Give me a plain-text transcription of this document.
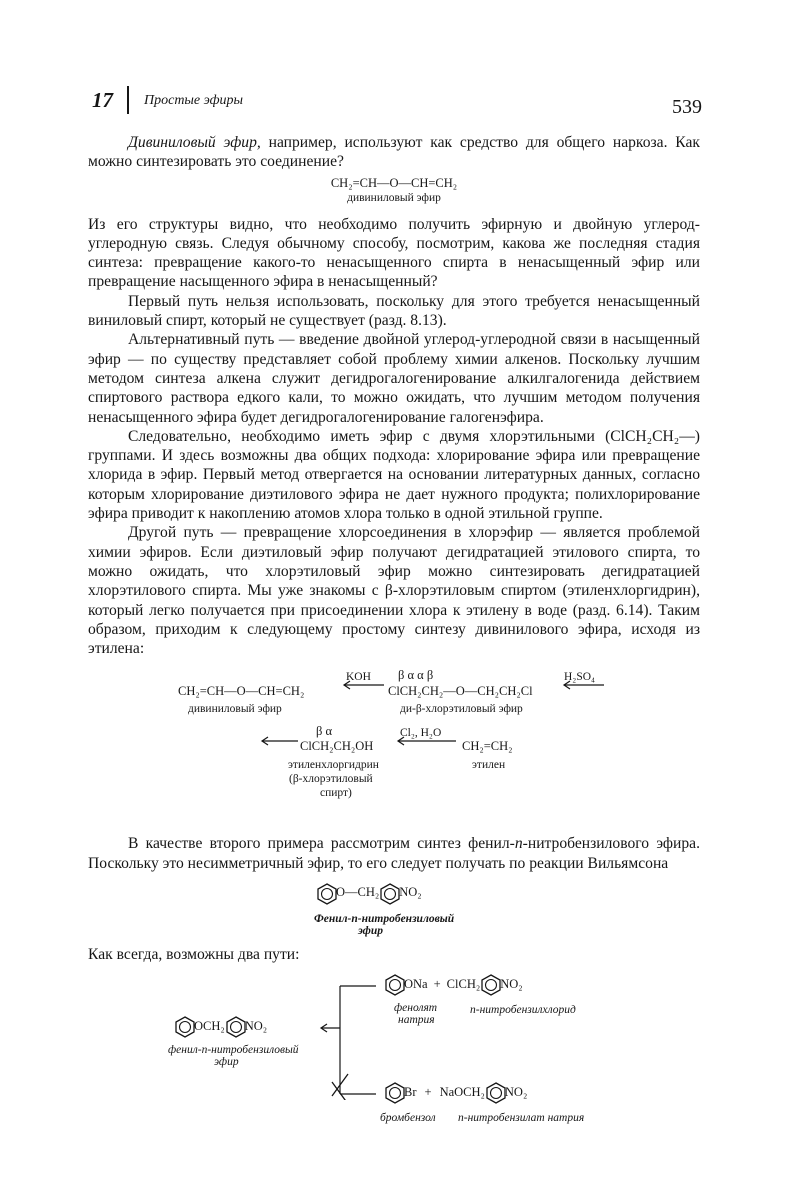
17 Простые эфиры	539

Дивиниловый эфир, например, используют как средство для общего наркоза. Как можно синтезировать это соединение?

CH₂=CH—O—CH=CH₂
дивиниловый эфир

Из его структуры видно, что необходимо получить эфирную и двойную углерод-углеродную связь. Следуя обычному способу, посмотрим, какова же последняя стадия синтеза: превращение какого-то ненасыщенного спирта в ненасыщенный эфир или превращение насыщенного эфира в ненасыщенный?

Первый путь нельзя использовать, поскольку для этого требуется ненасыщенный виниловый спирт, который не существует (разд. 8.13).

Альтернативный путь — введение двойной углерод-углеродной связи в насыщенный эфир — по существу представляет собой проблему химии алкенов. Поскольку лучшим методом синтеза алкена служит дегидрогалогенирование алкилгалогенида действием спиртового раствора едкого кали, то можно ожидать, что лучшим методом получения ненасыщенного эфира будет дегидрогалогенирование галогенэфира.

Следовательно, необходимо иметь эфир с двумя хлорэтильными (ClCH₂CH₂—) группами. И здесь возможны два общих подхода: хлорирование эфира или превращение хлорида в эфир. Первый метод отвергается на основании литературных данных, согласно которым хлорирование диэтилового эфира не дает нужного продукта; полихлорирование эфира приводит к накоплению атомов хлора только в одной этильной группе.

Другой путь — превращение хлорсоединения в хлорэфир — является проблемой химии эфиров. Если диэтиловый эфир получают дегидратацией этилового спирта, то можно ожидать, что хлорэтиловый эфир можно синтезировать дегидратацией хлорэтилового спирта. Мы уже знакомы с β-хлорэтиловым спиртом (этиленхлоргидрин), который легко получается при присоединении хлора к этилену в воде (разд. 6.14). Таким образом, приходим к следующему простому синтезу дивинилового эфира, исходя из этилена:

β α α β
KOH	H₂SO₄
CH₂=CH—O—CH=CH₂	ClCH₂CH₂—O—CH₂CH₂Cl
дивиниловый эфир	ди-β-хлорэтиловый эфир
β α	Cl₂, H₂O
ClCH₂CH₂OH	CH₂=CH₂
этиленхлоргидрин	этилен
(β-хлорэтиловый
спирт)

В качестве второго примера рассмотрим синтез фенил-п-нитробензилового эфира. Поскольку это несимметричный эфир, то его следует получать по реакции Вильямсона

O—CH₂ NO₂
Фенил-п-нитробензиловый
эфир

Как всегда, возможны два пути:

OCH₂ NO₂
фенил-п-нитробензиловый
эфир
ONa + ClCH₂ NO₂
фенолят
натрия
п-нитробензилхлорид
Br + NaOCH₂ NO₂
бромбензол п-нитробензилат натрия
